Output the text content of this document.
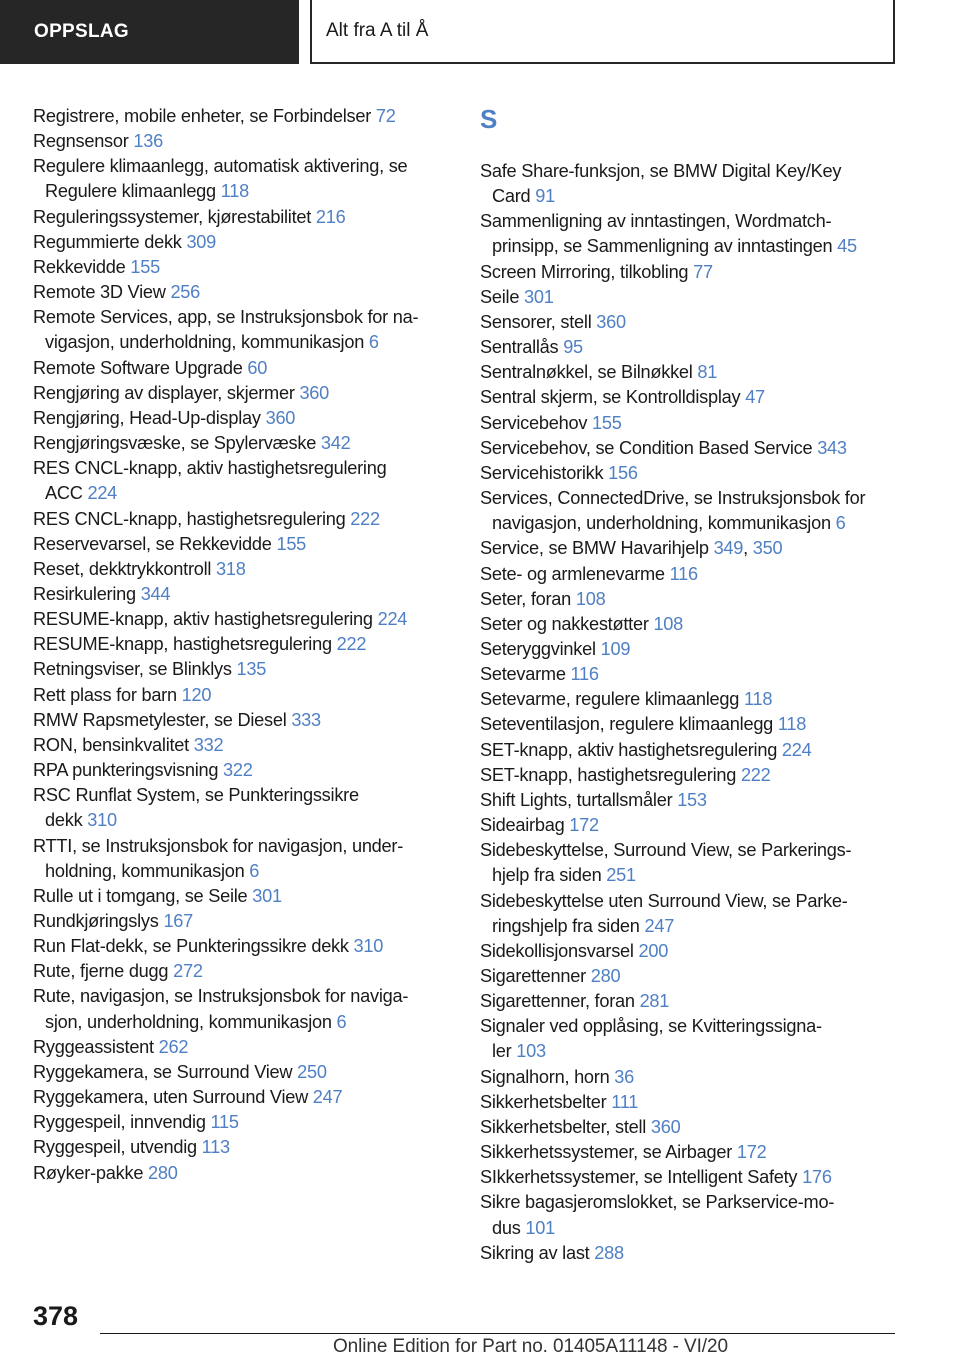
OPPSLAG	Alt fra A til Å

Registrere, mobile enheter, se Forbindelser 72

Regnsensor 136

Regulere klimaanlegg, automatisk aktivering, se
Regulere klimaanlegg 118

Reguleringssystemer, kjørestabilitet 216

Regummierte dekk 309

Rekkevidde 155

Remote 3D View 256

Remote Services, app, se Instruksjonsbok for na-
vigasjon, underholdning, kommunikasjon 6

Remote Software Upgrade 60

Rengjøring av displayer, skjermer 360

Rengjøring, Head-Up-display 360

Rengjøringsvæske, se Spylervæske 342

RES CNCL-knapp, aktiv hastighetsregulering
ACC 224

RES CNCL-knapp, hastighetsregulering 222

Reservevarsel, se Rekkevidde 155

Reset, dekktrykkontroll 318

Resirkulering 344

RESUME-knapp, aktiv hastighetsregulering 224

RESUME-knapp, hastighetsregulering 222

Retningsviser, se Blinklys 135

Rett plass for barn 120

RMW Rapsmetylester, se Diesel 333

RON, bensinkvalitet 332

RPA punkteringsvisning 322

RSC Runflat System, se Punkteringssikre
dekk 310

RTTI, se Instruksjonsbok for navigasjon, under-
holdning, kommunikasjon 6

Rulle ut i tomgang, se Seile 301

Rundkjøringslys 167

Run Flat-dekk, se Punkteringssikre dekk 310

Rute, fjerne dugg 272

Rute, navigasjon, se Instruksjonsbok for naviga-
sjon, underholdning, kommunikasjon 6

Ryggeassistent 262

Ryggekamera, se Surround View 250

Ryggekamera, uten Surround View 247

Ryggespeil, innvendig 115

Ryggespeil, utvendig 113

Røyker-pakke 280

S

Safe Share-funksjon, se BMW Digital Key/Key
Card 91

Sammenligning av inntastingen, Wordmatch-
prinsipp, se Sammenligning av inntastingen 45

Screen Mirroring, tilkobling 77

Seile 301

Sensorer, stell 360

Sentrallås 95

Sentralnøkkel, se Bilnøkkel 81

Sentral skjerm, se Kontrolldisplay 47

Servicebehov 155

Servicebehov, se Condition Based Service 343

Servicehistorikk 156

Services, ConnectedDrive, se Instruksjonsbok for
navigasjon, underholdning, kommunikasjon 6

Service, se BMW Havarihjelp 349, 350

Sete- og armlenevarme 116

Seter, foran 108

Seter og nakkestøtter 108

Seteryggvinkel 109

Setevarme 116

Setevarme, regulere klimaanlegg 118

Seteventilasjon, regulere klimaanlegg 118

SET-knapp, aktiv hastighetsregulering 224

SET-knapp, hastighetsregulering 222

Shift Lights, turtallsmåler 153

Sideairbag 172

Sidebeskyttelse, Surround View, se Parkerings-
hjelp fra siden 251

Sidebeskyttelse uten Surround View, se Parke-
ringshjelp fra siden 247

Sidekollisjonsvarsel 200

Sigarettenner 280

Sigarettenner, foran 281

Signaler ved opplåsing, se Kvitteringssigna-
ler 103

Signalhorn, horn 36

Sikkerhetsbelter 111

Sikkerhetsbelter, stell 360

Sikkerhetssystemer, se Airbager 172

SIkkerhetssystemer, se Intelligent Safety 176

Sikre bagasjeromslokket, se Parkservice-mo-
dus 101

Sikring av last 288

378
Online Edition for Part no. 01405A11148 - VI/20
